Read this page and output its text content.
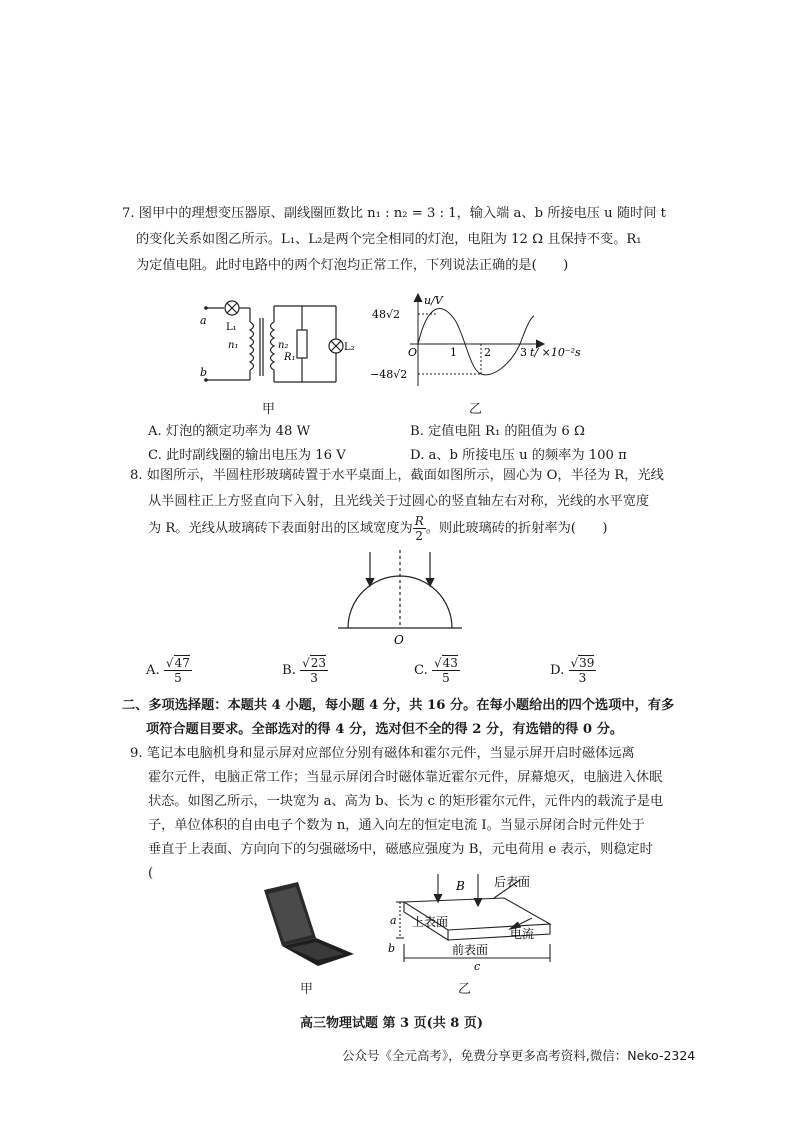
7. 图甲中的理想变压器原、副线圈匝数比 n₁ : n₂ = 3 : 1，输入端 a、b 所接电压 u 随时间 t
的变化关系如图乙所示。L₁、L₂是两个完全相同的灯泡，电阻为 12 Ω 且保持不变。R₁
为定值电阻。此时电路中的两个灯泡均正常工作，下列说法正确的是(　　)
a
b
L₁
n₁	n₂
R₁
L₂
甲
u/V
48√2
O
−48√2
1 2	3 t/ ×10⁻²s
乙
A. 灯泡的额定功率为 48 W	B. 定值电阻 R₁ 的阻值为 6 Ω
C. 此时副线圈的输出电压为 16 V	D. a、b 所接电压 u 的频率为 100 π
8. 如图所示，半圆柱形玻璃砖置于水平桌面上，截面如图所示，圆心为 O，半径为 R，光线
从半圆柱正上方竖直向下入射，且光线关于过圆心的竖直轴左右对称，光线的水平宽度
为 R。光线从玻璃砖下表面射出的区域宽度为 $\frac{R}{2}$ 。则此玻璃砖的折射率为(　　)
O
A. $\frac{√47}{5}$	B. $\frac{√23}{3}$	C. $\frac{√43}{5}$	D. $\frac{√39}{3}$
二、多项选择题：本题共 4 小题，每小题 4 分，共 16 分。在每小题给出的四个选项中，有多
项符合题目要求。全部选对的得 4 分，选对但不全的得 2 分，有选错的得 0 分。
9. 笔记本电脑机身和显示屏对应部位分别有磁体和霍尔元件，当显示屏开启时磁体远离
霍尔元件，电脑正常工作；当显示屏闭合时磁体靠近霍尔元件，屏幕熄灭，电脑进入休眠
状态。如图乙所示，一块宽为 a、高为 b、长为 c 的矩形霍尔元件，元件内的载流子是电
子，单位体积的自由电子个数为 n，通入向左的恒定电流 I。当显示屏闭合时元件处于
垂直于上表面、方向向下的匀强磁场中，磁感应强度为 B，元电荷用 e 表示，则稳定时
(
甲
B 后表面
上表面
电流
前表面
a
b
c
乙
高三物理试题 第 3 页(共 8 页)
公众号《全元高考》，免费分享更多高考资料,微信：Neko-2324
